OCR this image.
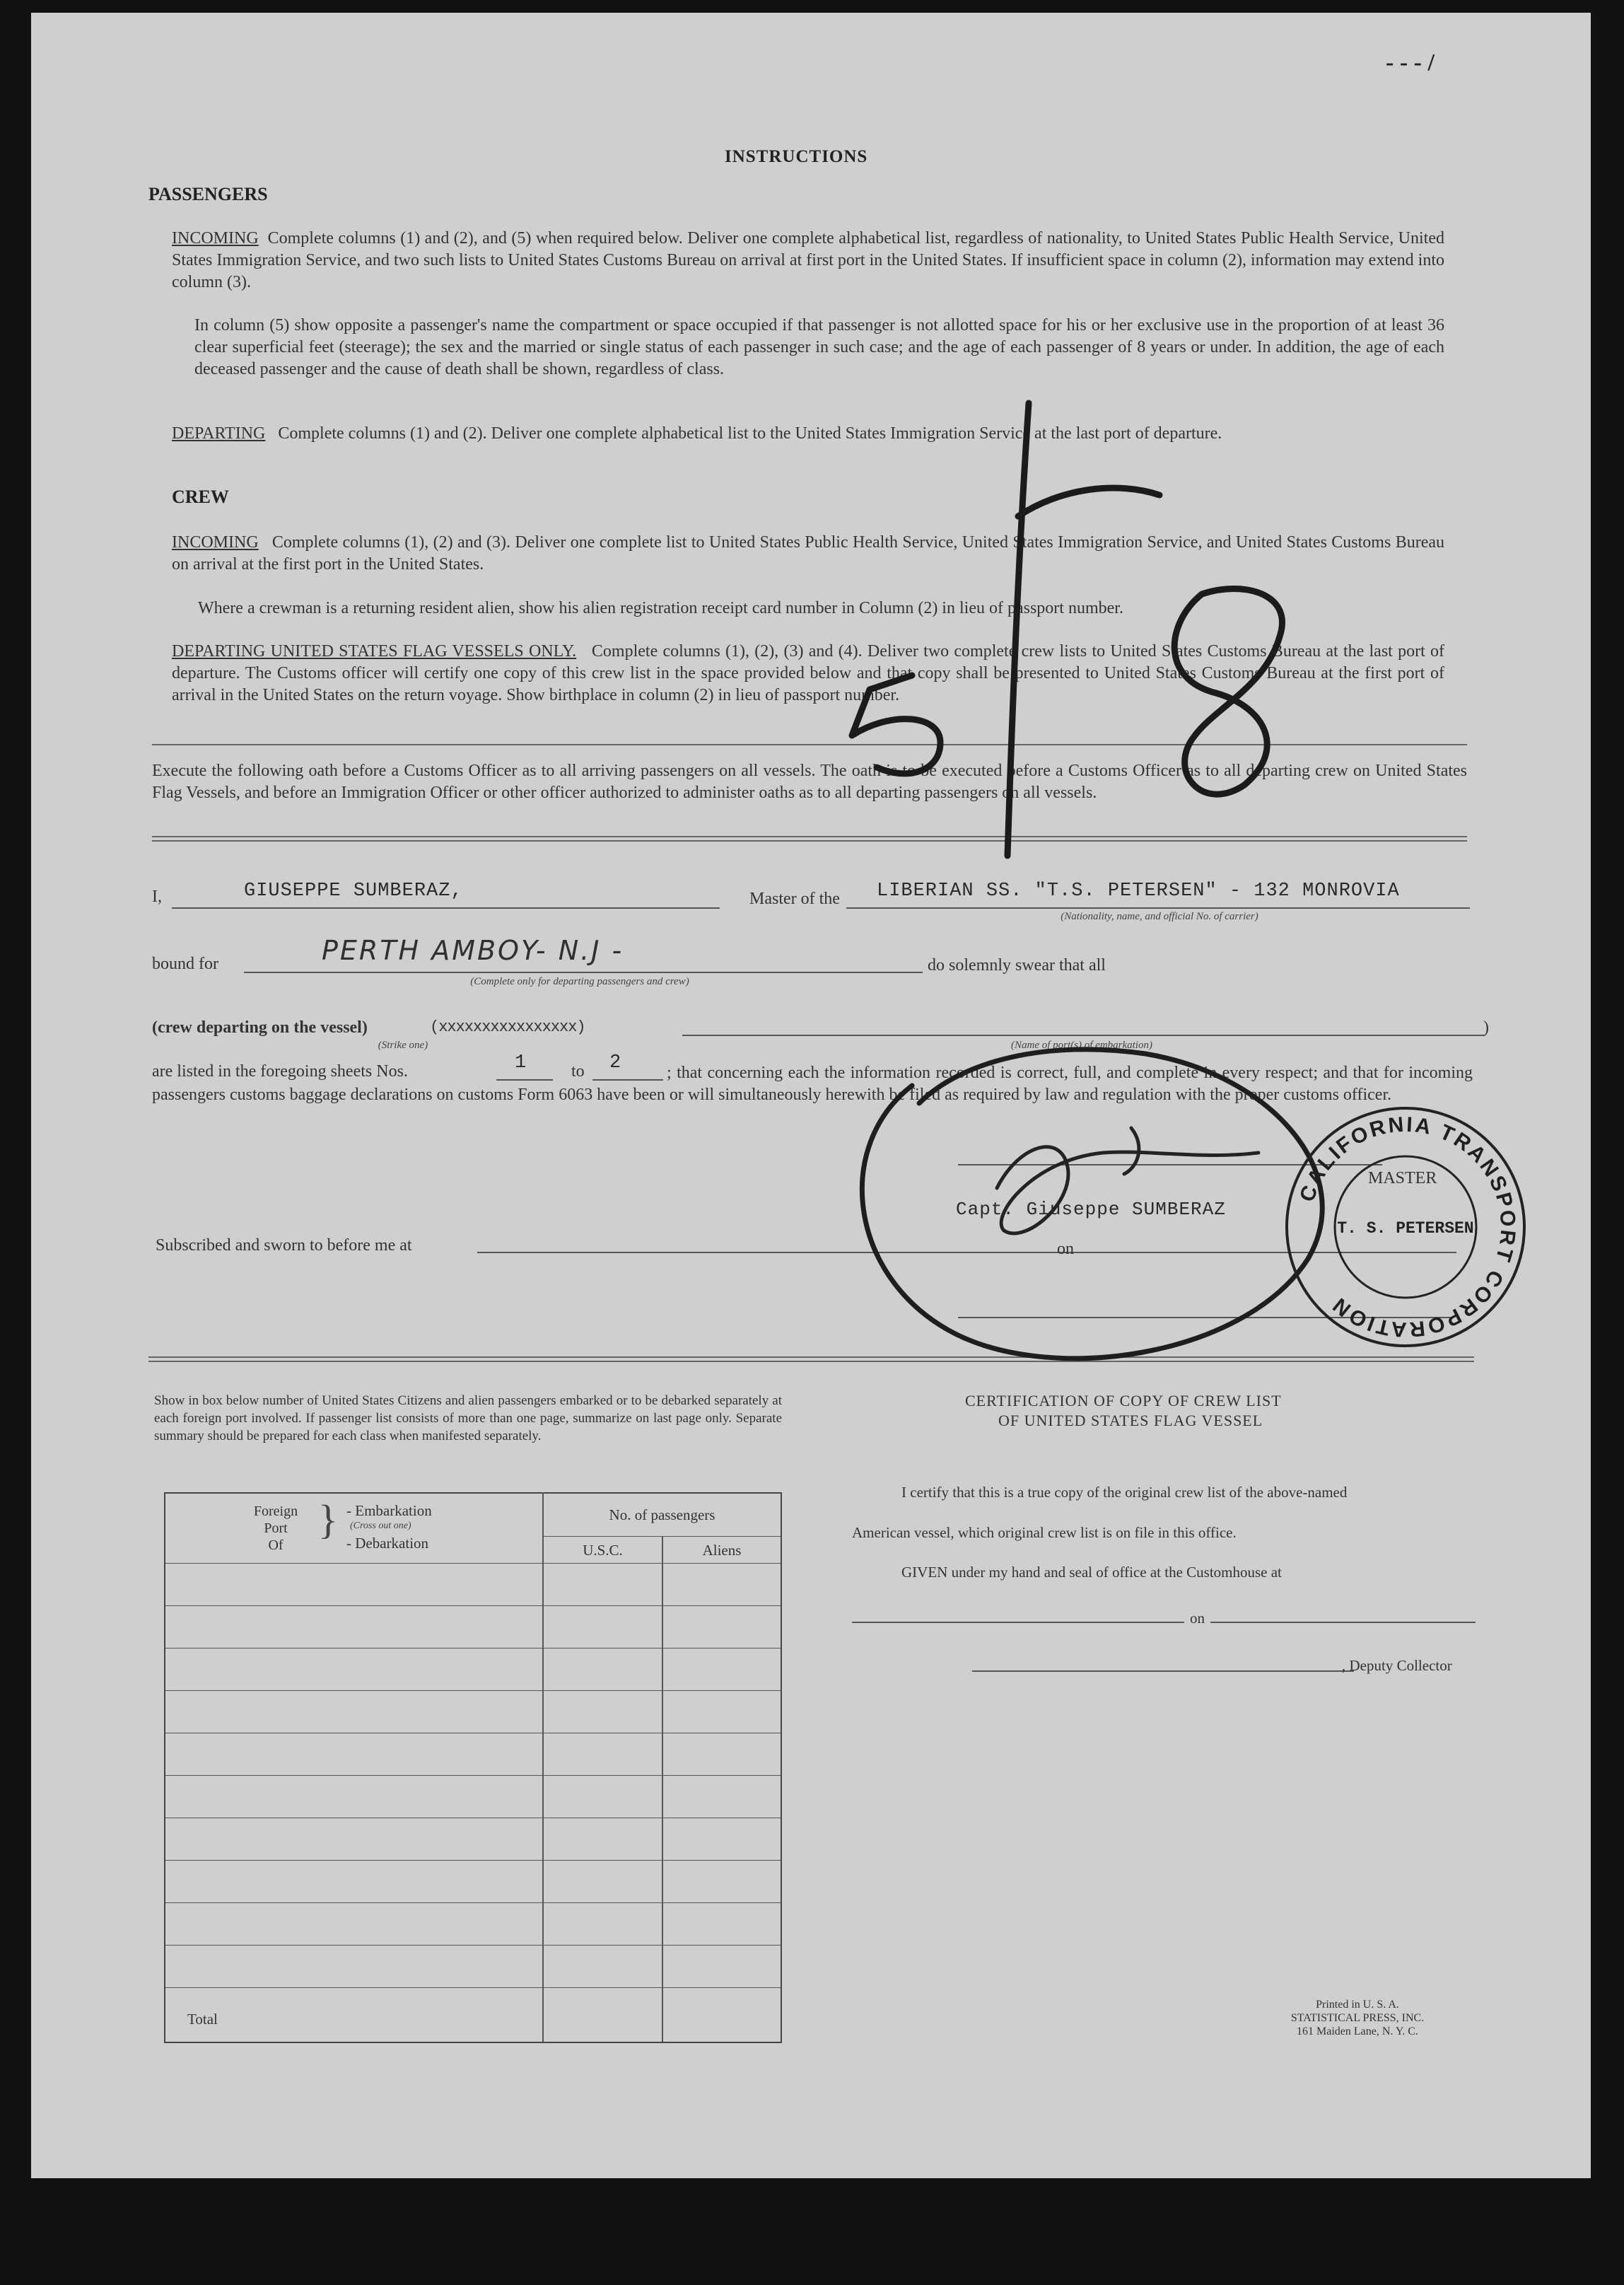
- - - /
INSTRUCTIONS
PASSENGERS
INCOMING Complete columns (1) and (2), and (5) when required below. Deliver one complete alphabetical list, regardless of nationality, to United States Public Health Service, United States Immigration Service, and two such lists to United States Customs Bureau on arrival at first port in the United States. If insufficient space in column (2), information may extend into column (3).
In column (5) show opposite a passenger's name the compartment or space occupied if that passenger is not allotted space for his or her exclusive use in the proportion of at least 36 clear superficial feet (steerage); the sex and the married or single status of each passenger in such case; and the age of each passenger of 8 years or under. In addition, the age of each deceased passenger and the cause of death shall be shown, regardless of class.
DEPARTING Complete columns (1) and (2). Deliver one complete alphabetical list to the United States Immigration Service at the last port of departure.
CREW
INCOMING Complete columns (1), (2) and (3). Deliver one complete list to United States Public Health Service, United States Immigration Service, and United States Customs Bureau on arrival at the first port in the United States.
Where a crewman is a returning resident alien, show his alien registration receipt card number in Column (2) in lieu of passport number.
DEPARTING UNITED STATES FLAG VESSELS ONLY. Complete columns (1), (2), (3) and (4). Deliver two complete crew lists to United States Customs Bureau at the last port of departure. The Customs officer will certify one copy of this crew list in the space provided below and that copy shall be presented to United States Customs Bureau at the first port of arrival in the United States on the return voyage. Show birthplace in column (2) in lieu of passport number.
Execute the following oath before a Customs Officer as to all arriving passengers on all vessels. The oath is to be executed before a Customs Officer as to all departing crew on United States Flag Vessels, and before an Immigration Officer or other officer authorized to administer oaths as to all departing passengers on all vessels.
I,	GIUSEPPE SUMBERAZ,	Master of the LIBERIAN SS. "T.S. PETERSEN" - 132 MONROVIA
(Nationality, name, and official No. of carrier)
bound for	PERTH AMBOY- N.J -
(Complete only for departing passengers and crew)
do solemnly swear that all
(crew departing on the vessel)	(xxxxxxxxxxxxxxxx)
(Strike one)	(Name of port(s) of embarkation)
)
are listed in the foregoing sheets Nos.	1	to 2	; that concerning each the information recorded is correct, full, and complete in every respect; and that for incoming passengers customs baggage declarations on customs Form 6063 have been or will simultaneously herewith be filed as required by law and regulation with the proper customs officer.
MASTER
Capt. Giuseppe SUMBERAZ
Subscribed and sworn to before me at	on
Show in box below number of United States Citizens and alien passengers embarked or to be debarked separately at each foreign port involved. If passenger list consists of more than one page, summarize on last page only. Separate summary should be prepared for each class when manifested separately.
Foreign
Port
Of
} - Embarkation
(Cross out one)
- Debarkation
No. of passengers
U.S.C.	Aliens
Total
CERTIFICATION OF COPY OF CREW LIST
OF UNITED STATES FLAG VESSEL
I certify that this is a true copy of the original crew list of the above-named
American vessel, which original crew list is on file in this office.
GIVEN under my hand and seal of office at the Customhouse at
on
, Deputy Collector
Printed in U. S. A.
STATISTICAL PRESS, INC.
161 Maiden Lane, N. Y. C.
CALIFORNIA TRANSPORT CORPORATION
T. S. PETERSEN
